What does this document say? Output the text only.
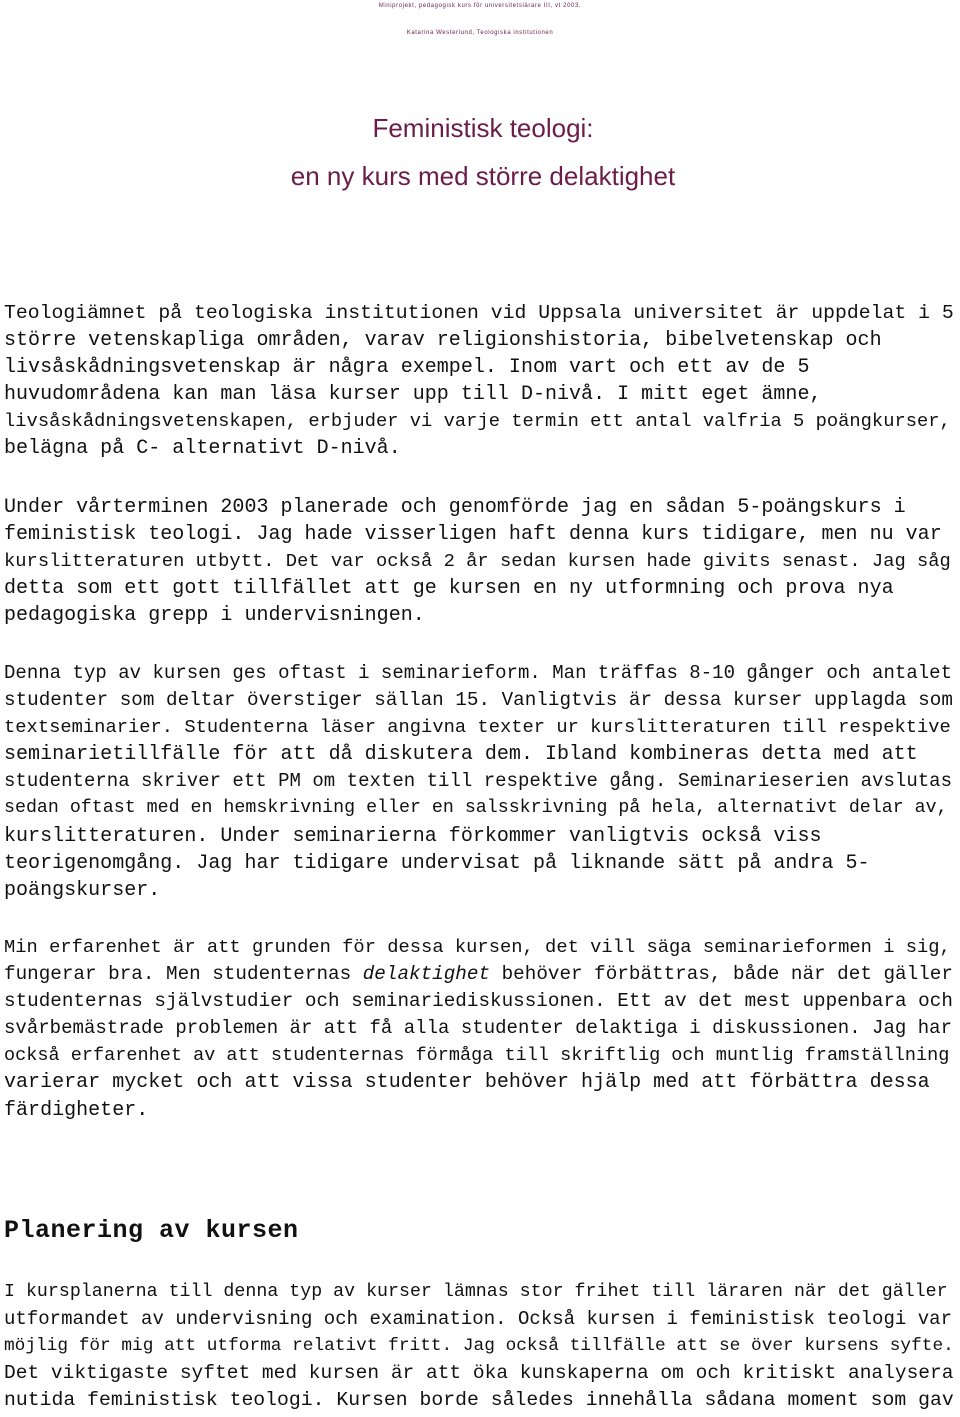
Miniprojekt, pedagogisk kurs för universitetslärare III, vt 2003.
Katarina Westerlund, Teologiska institutionen
Feministisk teologi:
en ny kurs med större delaktighet
Teologiämnet på teologiska institutionen vid Uppsala universitet är uppdelat i 5
större vetenskapliga områden, varav religionshistoria, bibelvetenskap och
livsåskådningsvetenskap är några exempel. Inom vart och ett av de 5
huvudområdena kan man läsa kurser upp till D-nivå. I mitt eget ämne,
livsåskådningsvetenskapen, erbjuder vi varje termin ett antal valfria 5 poängkurser,
belägna på C- alternativt D-nivå.
Under vårterminen 2003 planerade och genomförde jag en sådan 5-poängskurs i
feministisk teologi. Jag hade visserligen haft denna kurs tidigare, men nu var
kurslitteraturen utbytt. Det var också 2 år sedan kursen hade givits senast. Jag såg
detta som ett gott tillfället att ge kursen en ny utformning och prova nya
pedagogiska grepp i undervisningen.
Denna typ av kursen ges oftast i seminarieform. Man träffas 8-10 gånger och antalet
studenter som deltar överstiger sällan 15. Vanligtvis är dessa kurser upplagda som
textseminarier. Studenterna läser angivna texter ur kurslitteraturen till respektive
seminarietillfälle för att då diskutera dem. Ibland kombineras detta med att
studenterna skriver ett PM om texten till respektive gång. Seminarieserien avslutas
sedan oftast med en hemskrivning eller en salsskrivning på hela, alternativt delar av,
kurslitteraturen. Under seminarierna förkommer vanligtvis också viss
teorigenomgång. Jag har tidigare undervisat på liknande sätt på andra 5-
poängskurser.
Min erfarenhet är att grunden för dessa kursen, det vill säga seminarieformen i sig,
fungerar bra. Men studenternas delaktighet behöver förbättras, både när det gäller
studenternas självstudier och seminariediskussionen. Ett av det mest uppenbara och
svårbemästrade problemen är att få alla studenter delaktiga i diskussionen. Jag har
också erfarenhet av att studenternas förmåga till skriftlig och muntlig framställning
varierar mycket och att vissa studenter behöver hjälp med att förbättra dessa
färdigheter.
Planering av kursen
I kursplanerna till denna typ av kurser lämnas stor frihet till läraren när det gäller
utformandet av undervisning och examination. Också kursen i feministisk teologi var
möjlig för mig att utforma relativt fritt. Jag också tillfälle att se över kursens syfte.
Det viktigaste syftet med kursen är att öka kunskaperna om och kritiskt analysera
nutida feministisk teologi. Kursen borde således innehålla sådana moment som gav
